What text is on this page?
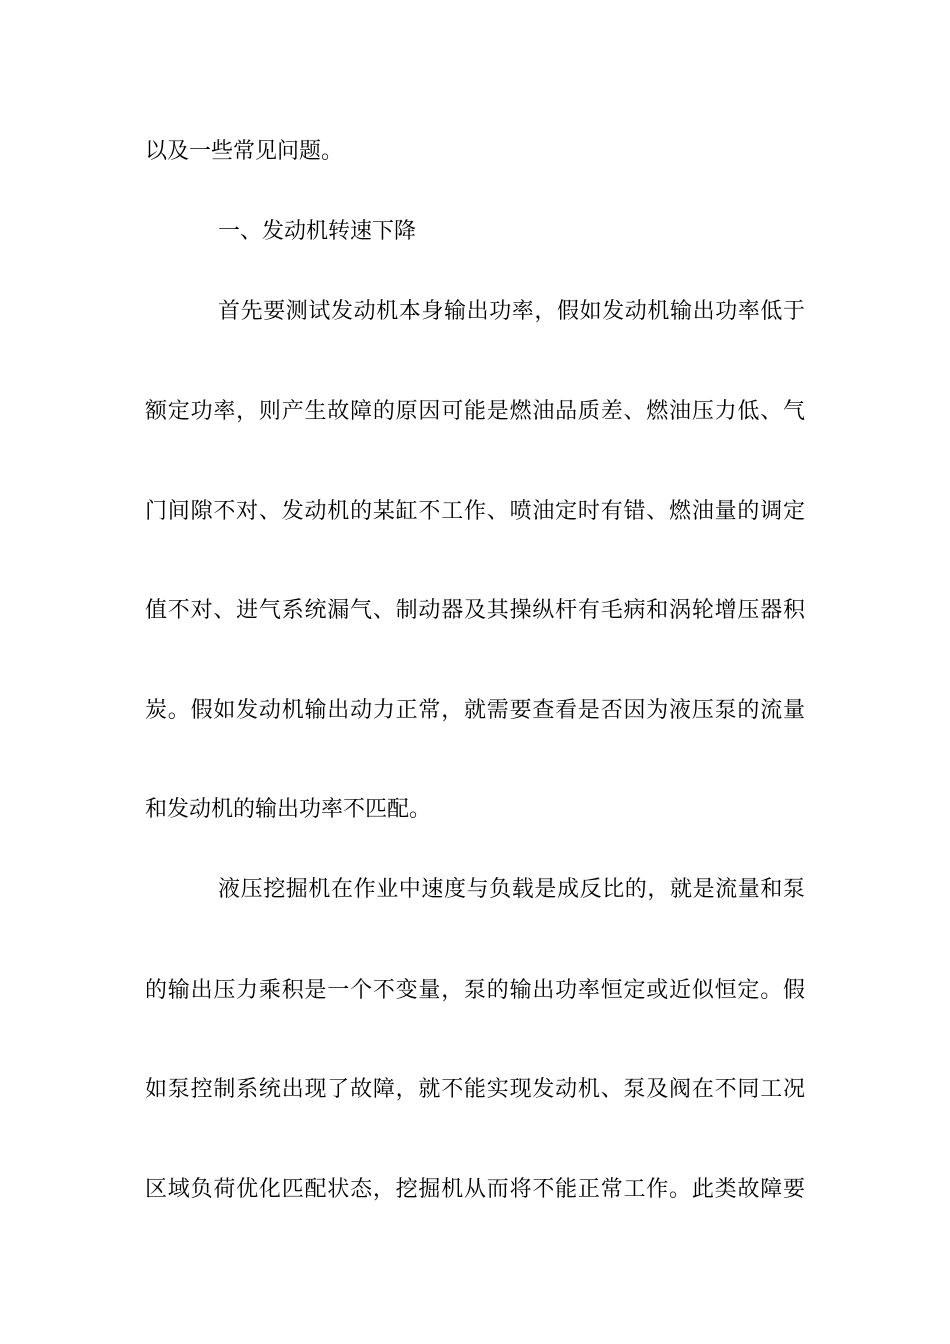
以及一些常见问题。
一、发动机转速下降
首先要测试发动机本身输出功率，假如发动机输出功率低于
额定功率，则产生故障的原因可能是燃油品质差、燃油压力低、气
门间隙不对、发动机的某缸不工作、喷油定时有错、燃油量的调定
值不对、进气系统漏气、制动器及其操纵杆有毛病和涡轮增压器积
炭。假如发动机输出动力正常，就需要查看是否因为液压泵的流量
和发动机的输出功率不匹配。
液压挖掘机在作业中速度与负载是成反比的，就是流量和泵
的输出压力乘积是一个不变量，泵的输出功率恒定或近似恒定。假
如泵控制系统出现了故障，就不能实现发动机、泵及阀在不同工况
区域负荷优化匹配状态，挖掘机从而将不能正常工作。此类故障要
